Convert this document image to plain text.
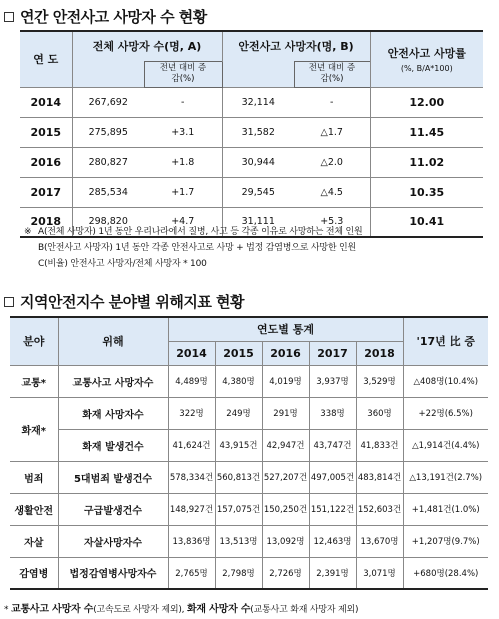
연간 안전사고 사망자 수 현황
연 도	전체 사망자 수(명, A)		안전사고 사망자(명, B)		안전사고 사망률
(%, B/A*100)

		전년 대비 증감(%)		전년 대비 증감(%)	

2014	267,692	-	32,114	-	12.00
2015	275,895	+3.1	31,582	△1.7	11.45
2016	280,827	+1.8	30,944	△2.0	11.02
2017	285,534	+1.7	29,545	△4.5	10.35
2018	298,820	+4.7	31,111	+5.3	10.41
※ A(전체 사망자) 1년 동안 우리나라에서 질병, 사고 등 각종 이유로 사망하는 전체 인원
B(안전사고 사망자) 1년 동안 각종 안전사고로 사망 + 법정 감염병으로 사망한 인원
C(비율) 안전사고 사망자/전체 사망자 * 100
지역안전지수 분야별 위해지표 현황
분야	위해	연도별 통계					'17년 比 증
		2014	2015	2016	2017	2018	
교통*	교통사고 사망자수	4,489명	4,380명	4,019명	3,937명	3,529명	△408명(10.4%)
화재*	화재 사망자수	322명	249명	291명	338명	360명	+22명(6.5%)
	화재 발생건수	41,624건	43,915건	42,947건	43,747건	41,833건	△1,914건(4.4%)
범죄	5대범죄 발생건수	578,334건	560,813건	527,207건	497,005건	483,814건	△13,191건(2.7%)
생활안전	구급발생건수	148,927건	157,075건	150,250건	151,122건	152,603건	+1,481건(1.0%)
자살	자살사망자수	13,836명	13,513명	13,092명	12,463명	13,670명	+1,207명(9.7%)
감염병	법정감염병사망자수	2,765명	2,798명	2,726명	2,391명	3,071명	+680명(28.4%)
* 교통사고 사망자 수(고속도로 사망자 제외), 화재 사망자 수(교통사고 화재 사망자 제외)
